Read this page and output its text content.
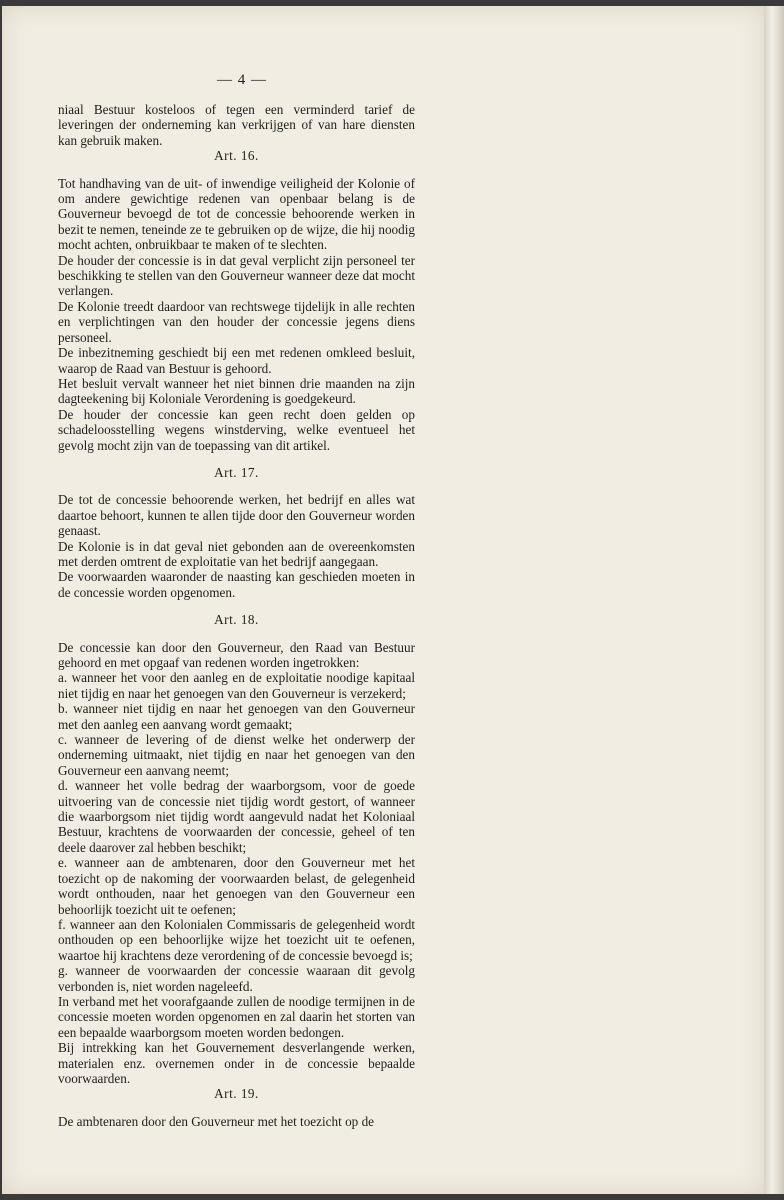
— 4 —

niaal Bestuur kosteloos of tegen een verminderd tarief de leveringen der onderneming kan verkrijgen of van hare diensten kan gebruik maken.

Art. 16.

Tot handhaving van de uit- of inwendige veiligheid der Kolonie of om andere gewichtige redenen van openbaar belang is de Gouverneur bevoegd de tot de concessie behoorende werken in bezit te nemen, teneinde ze te gebruiken op de wijze, die hij noodig mocht achten, onbruikbaar te maken of te slechten.

De houder der concessie is in dat geval verplicht zijn personeel ter beschikking te stellen van den Gouverneur wanneer deze dat mocht verlangen.

De Kolonie treedt daardoor van rechtswege tijdelijk in alle rechten en verplichtingen van den houder der concessie jegens diens personeel.

De inbezitneming geschiedt bij een met redenen omkleed besluit, waarop de Raad van Bestuur is gehoord.

Het besluit vervalt wanneer het niet binnen drie maanden na zijn dagteekening bij Koloniale Verordening is goedgekeurd.

De houder der concessie kan geen recht doen gelden op schadeloosstelling wegens winstderving, welke eventueel het gevolg mocht zijn van de toepassing van dit artikel.

Art. 17.

De tot de concessie behoorende werken, het bedrijf en alles wat daartoe behoort, kunnen te allen tijde door den Gouverneur worden genaast.

De Kolonie is in dat geval niet gebonden aan de overeenkomsten met derden omtrent de exploitatie van het bedrijf aangegaan.

De voorwaarden waaronder de naasting kan geschieden moeten in de concessie worden opgenomen.

Art. 18.

De concessie kan door den Gouverneur, den Raad van Bestuur gehoord en met opgaaf van redenen worden ingetrokken:

a. wanneer het voor den aanleg en de exploitatie noodige kapitaal niet tijdig en naar het genoegen van den Gouverneur is verzekerd;

b. wanneer niet tijdig en naar het genoegen van den Gouverneur met den aanleg een aanvang wordt gemaakt;

c. wanneer de levering of de dienst welke het onderwerp der onderneming uitmaakt, niet tijdig en naar het genoegen van den Gouverneur een aanvang neemt;

d. wanneer het volle bedrag der waarborgsom, voor de goede uitvoering van de concessie niet tijdig wordt gestort, of wanneer die waarborgsom niet tijdig wordt aangevuld nadat het Koloniaal Bestuur, krachtens de voorwaarden der concessie, geheel of ten deele daarover zal hebben beschikt;

e. wanneer aan de ambtenaren, door den Gouverneur met het toezicht op de nakoming der voorwaarden belast, de gelegenheid wordt onthouden, naar het genoegen van den Gouverneur een behoorlijk toezicht uit te oefenen;

f. wanneer aan den Kolonialen Commissaris de gelegenheid wordt onthouden op een behoorlijke wijze het toezicht uit te oefenen, waartoe hij krachtens deze verordening of de concessie bevoegd is;

g. wanneer de voorwaarden der concessie waaraan dit gevolg verbonden is, niet worden nageleefd.

In verband met het voorafgaande zullen de noodige termijnen in de concessie moeten worden opgenomen en zal daarin het storten van een bepaalde waarborgsom moeten worden bedongen.

Bij intrekking kan het Gouvernement desverlangende werken, materialen enz. overnemen onder in de concessie bepaalde voorwaarden.

Art. 19.

De ambtenaren door den Gouverneur met het toezicht op de
